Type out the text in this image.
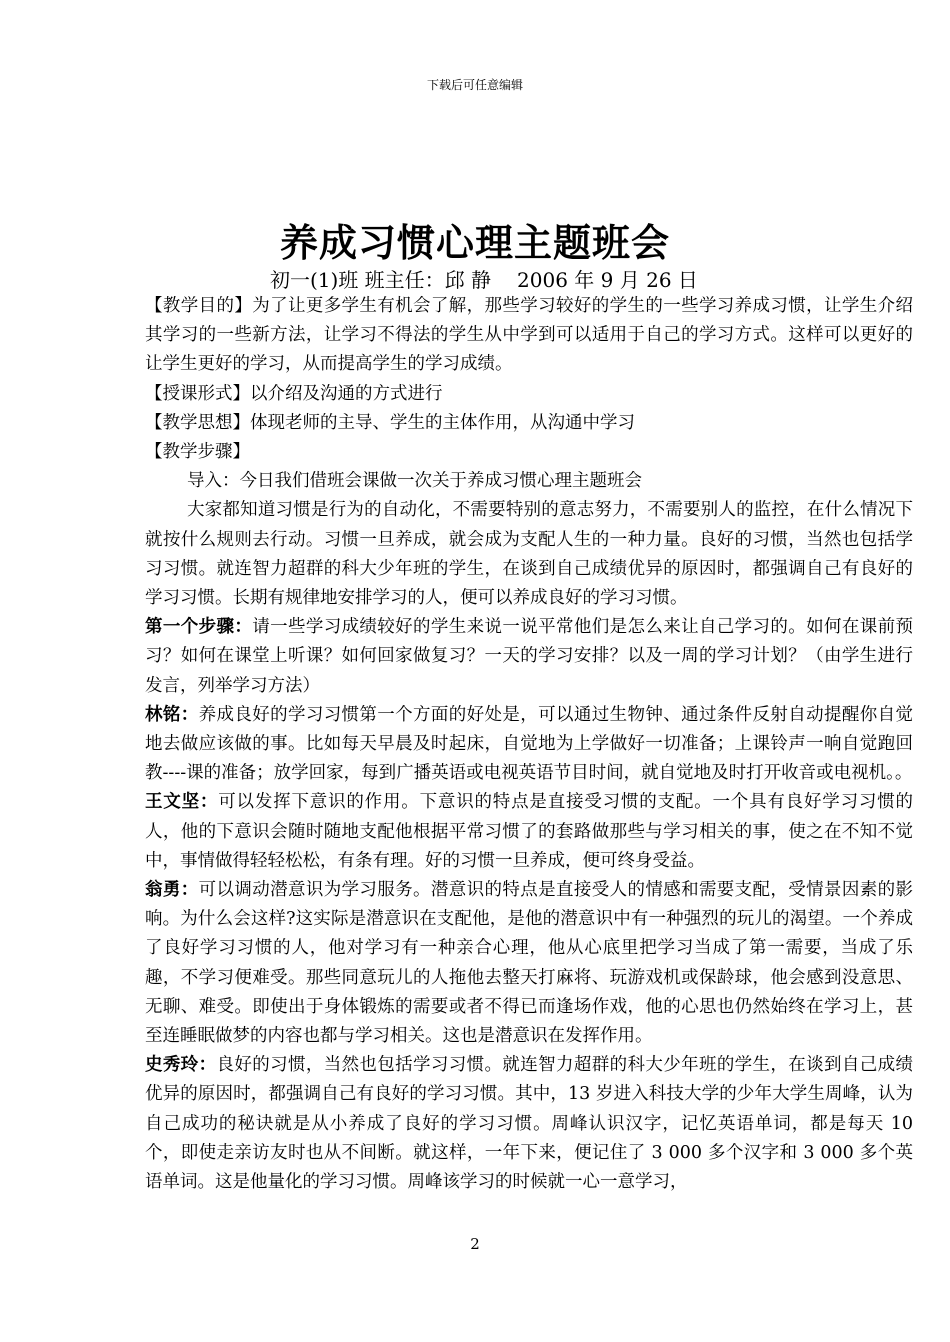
下载后可任意编辑
养成习惯心理主题班会
初一(1)班 班主任：邱 静 2006 年 9 月 26 日

【教学目的】为了让更多学生有机会了解，那些学习较好的学生的一些学习养成习惯，让学生介绍其学习的一些新方法，让学习不得法的学生从中学到可以适用于自己的学习方式。这样可以更好的让学生更好的学习，从而提高学生的学习成绩。

【授课形式】以介绍及沟通的方式进行

【教学思想】体现老师的主导、学生的主体作用，从沟通中学习

【教学步骤】

导入：今日我们借班会课做一次关于养成习惯心理主题班会

大家都知道习惯是行为的自动化，不需要特别的意志努力，不需要别人的监控，在什么情况下就按什么规则去行动。习惯一旦养成，就会成为支配人生的一种力量。良好的习惯，当然也包括学习习惯。就连智力超群的科大少年班的学生，在谈到自己成绩优异的原因时，都强调自己有良好的学习习惯。长期有规律地安排学习的人，便可以养成良好的学习习惯。

第一个步骤：请一些学习成绩较好的学生来说一说平常他们是怎么来让自己学习的。如何在课前预习？如何在课堂上听课？如何回家做复习？一天的学习安排？以及一周的学习计划？（由学生进行发言，列举学习方法）

林铭：养成良好的学习习惯第一个方面的好处是，可以通过生物钟、通过条件反射自动提醒你自觉地去做应该做的事。比如每天早晨及时起床，自觉地为上学做好一切准备；上课铃声一响自觉跑回教----课的准备；放学回家，每到广播英语或电视英语节目时间，就自觉地及时打开收音或电视机。。

王文坚：可以发挥下意识的作用。下意识的特点是直接受习惯的支配。一个具有良好学习习惯的人，他的下意识会随时随地支配他根据平常习惯了的套路做那些与学习相关的事，使之在不知不觉中，事情做得轻轻松松，有条有理。好的习惯一旦养成，便可终身受益。

翁勇：可以调动潜意识为学习服务。潜意识的特点是直接受人的情感和需要支配，受情景因素的影响。为什么会这样?这实际是潜意识在支配他，是他的潜意识中有一种强烈的玩儿的渴望。一个养成了良好学习习惯的人，他对学习有一种亲合心理，他从心底里把学习当成了第一需要，当成了乐趣，不学习便难受。那些同意玩儿的人拖他去整天打麻将、玩游戏机或保龄球，他会感到没意思、无聊、难受。即使出于身体锻炼的需要或者不得已而逢场作戏，他的心思也仍然始终在学习上，甚至连睡眠做梦的内容也都与学习相关。这也是潜意识在发挥作用。

史秀玲：良好的习惯，当然也包括学习习惯。就连智力超群的科大少年班的学生，在谈到自己成绩优异的原因时，都强调自己有良好的学习习惯。其中，13 岁进入科技大学的少年大学生周峰，认为自己成功的秘诀就是从小养成了良好的学习习惯。周峰认识汉字，记忆英语单词，都是每天 10 个，即使走亲访友时也从不间断。就这样，一年下来，便记住了 3 000 多个汉字和 3 000 多个英语单词。这是他量化的学习习惯。周峰该学习的时候就一心一意学习，

2
